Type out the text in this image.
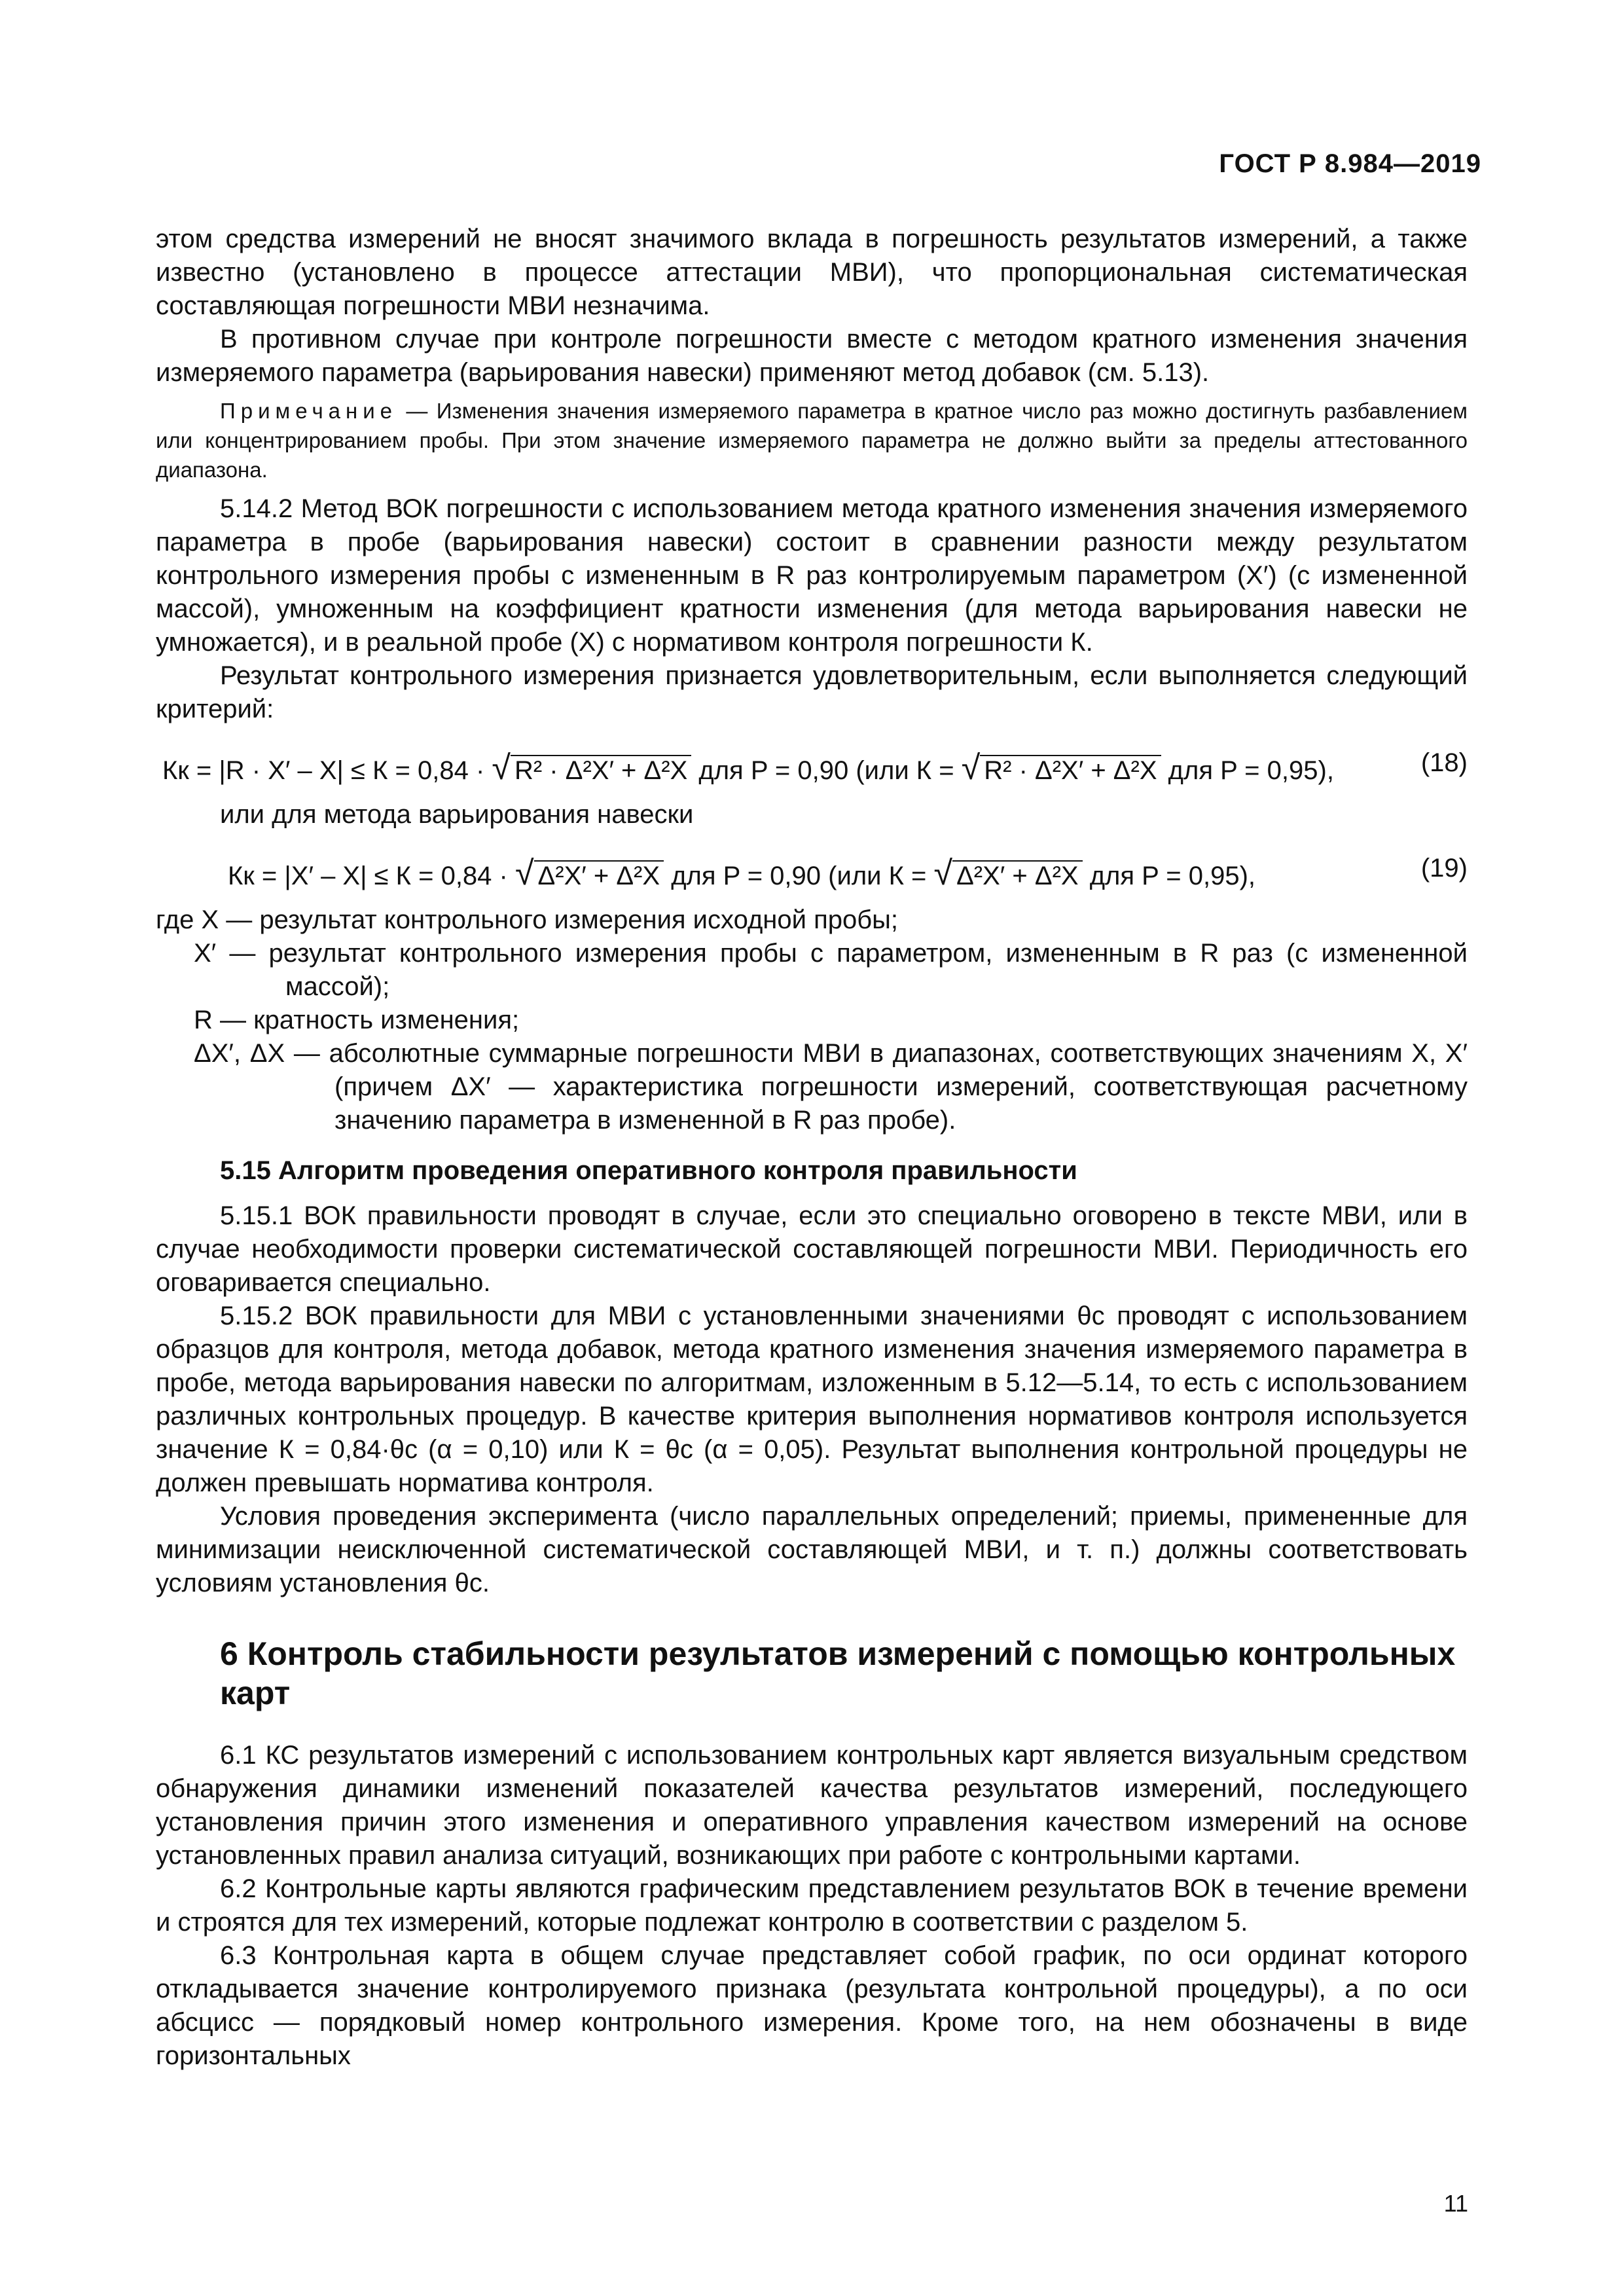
ГОСТ Р 8.984—2019

этом средства измерений не вносят значимого вклада в погрешность результатов измерений, а также известно (установлено в процессе аттестации МВИ), что пропорциональная систематическая составляющая погрешности МВИ незначима.

В противном случае при контроле погрешности вместе с методом кратного изменения значения измеряемого параметра (варьирования навески) применяют метод добавок (см. 5.13).

Примечание — Изменения значения измеряемого параметра в кратное число раз можно достигнуть разбавлением или концентрированием пробы. При этом значение измеряемого параметра не должно выйти за пределы аттестованного диапазона.

5.14.2 Метод ВОК погрешности с использованием метода кратного изменения значения измеряемого параметра в пробе (варьирования навески) состоит в сравнении разности между результатом контрольного измерения пробы с измененным в R раз контролируемым параметром (X′) (с измененной массой), умноженным на коэффициент кратности изменения (для метода варьирования навески не умножается), и в реальной пробе (X) с нормативом контроля погрешности К.

Результат контрольного измерения признается удовлетворительным, если выполняется следующий критерий:

Кк = |R · X′ – X| ≤ К = 0,84 · √ R² · Δ²X′ + Δ²X для P = 0,90 (или К = √ R² · Δ²X′ + Δ²X для P = 0,95),	(18)

или для метода варьирования навески

Кк = |X′ – X| ≤ К = 0,84 · √ Δ²X′ + Δ²X для P = 0,90 (или К = √ Δ²X′ + Δ²X для P = 0,95),	(19)

где X — результат контрольного измерения исходной пробы;

X′ — результат контрольного измерения пробы с параметром, измененным в R раз (с измененной массой);

R — кратность изменения;

ΔX′, ΔX — абсолютные суммарные погрешности МВИ в диапазонах, соответствующих значениям X, X′ (причем ΔX′ — характеристика погрешности измерений, соответствующая расчетному значению параметра в измененной в R раз пробе).

5.15 Алгоритм проведения оперативного контроля правильности

5.15.1 ВОК правильности проводят в случае, если это специально оговорено в тексте МВИ, или в случае необходимости проверки систематической составляющей погрешности МВИ. Периодичность его оговаривается специально.

5.15.2 ВОК правильности для МВИ с установленными значениями θс проводят с использованием образцов для контроля, метода добавок, метода кратного изменения значения измеряемого параметра в пробе, метода варьирования навески по алгоритмам, изложенным в 5.12—5.14, то есть с использованием различных контрольных процедур. В качестве критерия выполнения нормативов контроля используется значение К = 0,84·θс (α = 0,10) или К = θс (α = 0,05). Результат выполнения контрольной процедуры не должен превышать норматива контроля.

Условия проведения эксперимента (число параллельных определений; приемы, примененные для минимизации неисключенной систематической составляющей МВИ, и т. п.) должны соответствовать условиям установления θс.

6 Контроль стабильности результатов измерений с помощью контрольных карт

6.1 КС результатов измерений с использованием контрольных карт является визуальным средством обнаружения динамики изменений показателей качества результатов измерений, последующего установления причин этого изменения и оперативного управления качеством измерений на основе установленных правил анализа ситуаций, возникающих при работе с контрольными картами.

6.2 Контрольные карты являются графическим представлением результатов ВОК в течение времени и строятся для тех измерений, которые подлежат контролю в соответствии с разделом 5.

6.3 Контрольная карта в общем случае представляет собой график, по оси ординат которого откладывается значение контролируемого признака (результата контрольной процедуры), а по оси абсцисс — порядковый номер контрольного измерения. Кроме того, на нем обозначены в виде горизонтальных

11
